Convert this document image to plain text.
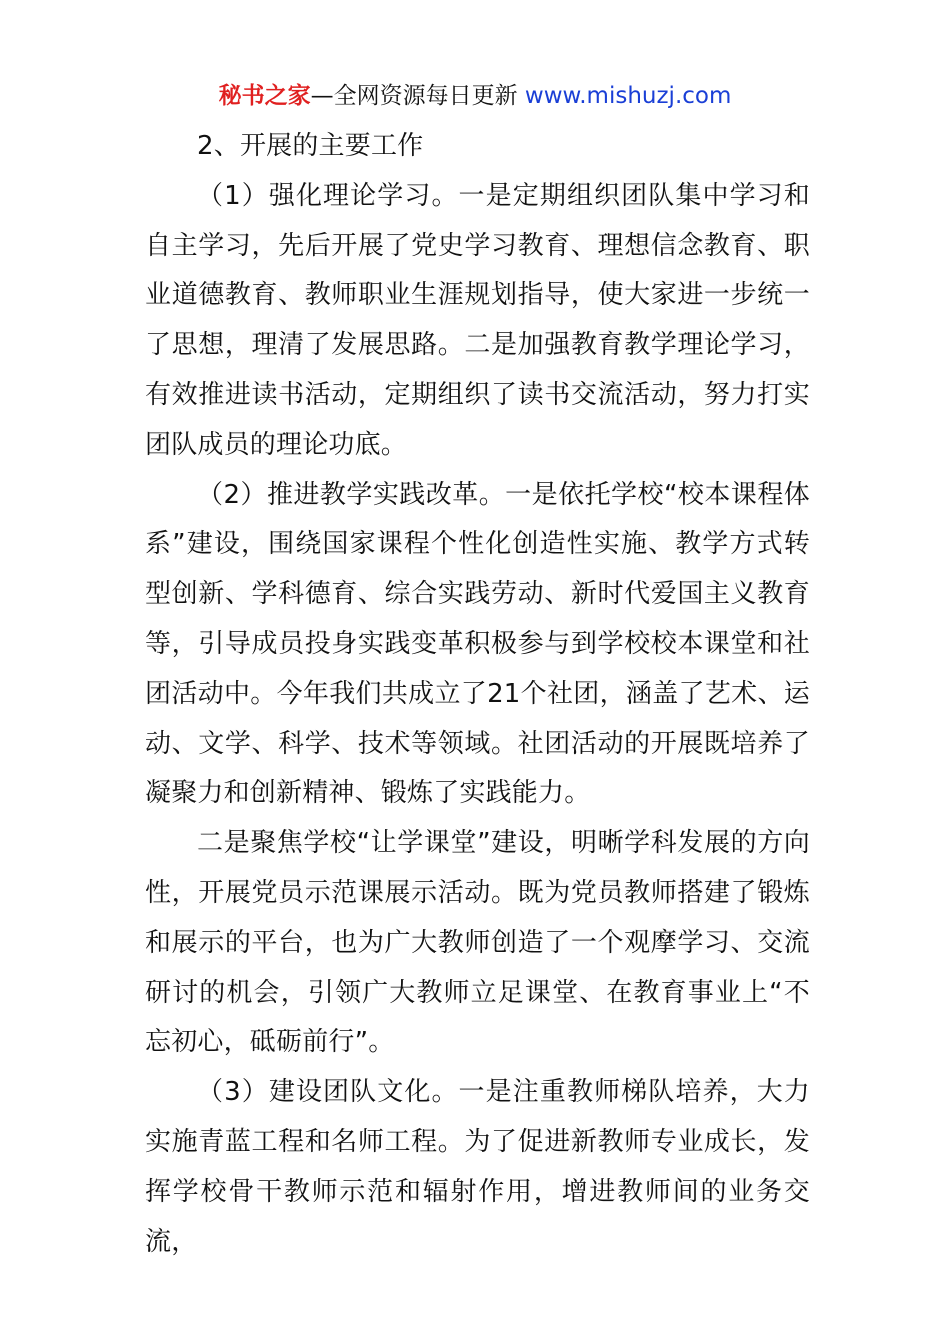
秘书之家—全网资源每日更新 www.mishuzj.com

2、开展的主要工作

（1）强化理论学习。一是定期组织团队集中学习和自主学习，先后开展了党史学习教育、理想信念教育、职业道德教育、教师职业生涯规划指导，使大家进一步统一了思想，理清了发展思路。二是加强教育教学理论学习，有效推进读书活动，定期组织了读书交流活动，努力打实团队成员的理论功底。

（2）推进教学实践改革。一是依托学校“校本课程体系”建设，围绕国家课程个性化创造性实施、教学方式转型创新、学科德育、综合实践劳动、新时代爱国主义教育等，引导成员投身实践变革积极参与到学校校本课堂和社团活动中。今年我们共成立了21个社团，涵盖了艺术、运动、文学、科学、技术等领域。社团活动的开展既培养了凝聚力和创新精神、锻炼了实践能力。

二是聚焦学校“让学课堂”建设，明晰学科发展的方向性，开展党员示范课展示活动。既为党员教师搭建了锻炼和展示的平台，也为广大教师创造了一个观摩学习、交流研讨的机会，引领广大教师立足课堂、在教育事业上“不忘初心，砥砺前行”。

（3）建设团队文化。一是注重教师梯队培养，大力实施青蓝工程和名师工程。为了促进新教师专业成长，发挥学校骨干教师示范和辐射作用，增进教师间的业务交流，
